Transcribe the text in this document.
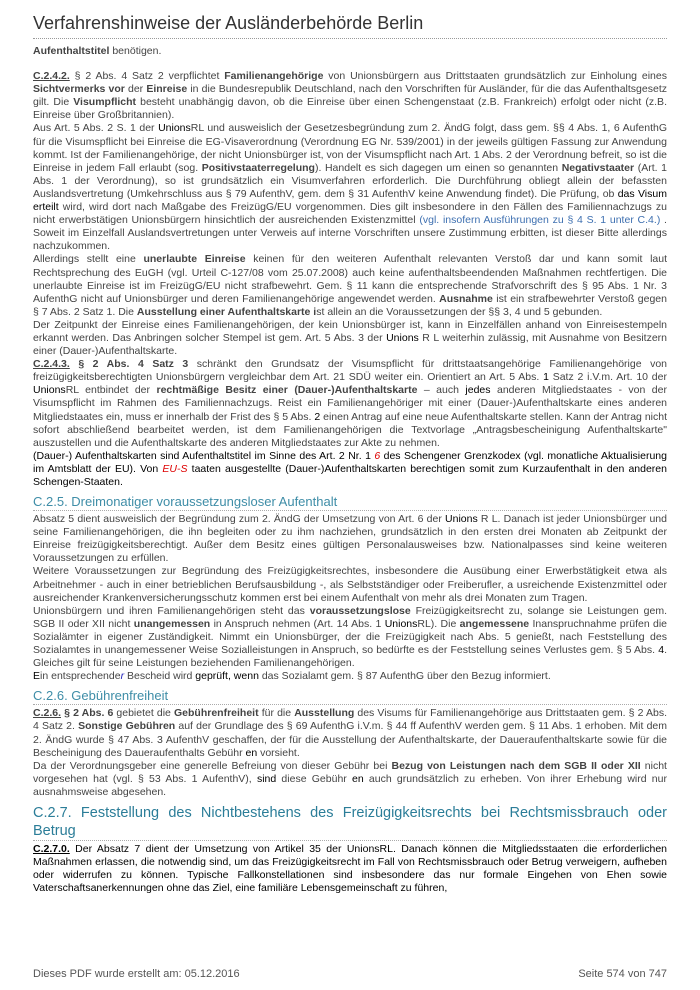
Verfahrenshinweise der Ausländerbehörde Berlin

Aufenthaltstitel benötigen.

C.2.4.2. § 2 Abs. 4 Satz 2 verpflichtet Familienangehörige von Unionsbürgern aus Drittstaaten grundsätzlich zur Einholung eines Sichtvermerks vor der Einreise in die Bundesrepublik Deutschland, nach den Vorschriften für Ausländer, für die das Aufenthaltsgesetz gilt. Die Visumpflicht besteht unabhängig davon, ob die Einreise über einen Schengenstaat (z.B. Frankreich) erfolgt oder nicht (z.B. Einreise über Großbritannien).

Aus Art. 5 Abs. 2 S. 1 der UnionsRL und ausweislich der Gesetzesbegründung zum 2. ÄndG folgt, dass gem. §§ 4 Abs. 1, 6 AufenthG für die Visumspflicht bei Einreise die EG-Visaverordnung (Verordnung EG Nr. 539/2001) in der jeweils gültigen Fassung zur Anwendung kommt. Ist der Familienangehörige, der nicht Unionsbürger ist, von der Visumspflicht nach Art. 1 Abs. 2 der Verordnung befreit, so ist die Einreise in jedem Fall erlaubt (sog. Positivstaaterregelung). Handelt es sich dagegen um einen so genannten Negativstaater (Art. 1 Abs. 1 der Verordnung), so ist grundsätzlich ein Visumverfahren erforderlich. Die Durchführung obliegt allein der befassten Auslandsvertretung (Umkehrschluss aus § 79 AufenthV, gem. dem § 31 AufenthV keine Anwendung findet). Die Prüfung, ob das Visum erteilt wird, wird dort nach Maßgabe des FreizügG/EU vorgenommen. Dies gilt insbesondere in den Fällen des Familiennachzugs zu nicht erwerbstätigen Unionsbürgern hinsichtlich der ausreichenden Existenzmittel (vgl. insofern Ausführungen zu § 4 S. 1 unter C.4.) . Soweit im Einzelfall Auslandsvertretungen unter Verweis auf interne Vorschriften unsere Zustimmung erbitten, ist dieser Bitte allerdings nachzukommen.

Allerdings stellt eine unerlaubte Einreise keinen für den weiteren Aufenthalt relevanten Verstoß dar und kann somit laut Rechtsprechung des EuGH (vgl. Urteil C-127/08 vom 25.07.2008) auch keine aufenthaltsbeendenden Maßnahmen rechtfertigen. Die unerlaubte Einreise ist im FreizügG/EU nicht strafbewehrt. Gem. § 11 kann die entsprechende Strafvorschrift des § 95 Abs. 1 Nr. 3 AufenthG nicht auf Unionsbürger und deren Familienangehörige angewendet werden. Ausnahme ist ein strafbewehrter Verstoß gegen § 7 Abs. 2 Satz 1. Die Ausstellung einer Aufenthaltskarte ist allein an die Voraussetzungen der §§ 3, 4 und 5 gebunden.

Der Zeitpunkt der Einreise eines Familienangehörigen, der kein Unionsbürger ist, kann in Einzelfällen anhand von Einreisestempeln erkannt werden. Das Anbringen solcher Stempel ist gem. Art. 5 Abs. 3 der Unions R L weiterhin zulässig, mit Ausnahme von Besitzern einer (Dauer-)Aufenthaltskarte.

C.2.4.3. § 2 Abs. 4 Satz 3 schränkt den Grundsatz der Visumspflicht für drittstaatsangehörige Familienangehörige von freizügigkeitsberechtigten Unionsbürgern vergleichbar dem Art. 21 SDÜ weiter ein. Orientiert an Art. 5 Abs. 1 Satz 2 i.V.m. Art. 10 der UnionsRL entbindet der rechtmäßige Besitz einer (Dauer-)Aufenthaltskarte – auch jedes anderen Mitgliedstaates - von der Visumspflicht im Rahmen des Familiennachzugs. Reist ein Familienangehöriger mit einer (Dauer-)Aufenthaltskarte eines anderen Mitgliedstaates ein, muss er innerhalb der Frist des § 5 Abs. 2 einen Antrag auf eine neue Aufenthaltskarte stellen. Kann der Antrag nicht sofort abschließend bearbeitet werden, ist dem Familienangehörigen die Textvorlage „Antragsbescheinigung Aufenthaltskarte" auszustellen und die Aufenthaltskarte des anderen Mitgliedstaates zur Akte zu nehmen.

(Dauer-) Aufenthaltskarten sind Aufenthaltstitel im Sinne des Art. 2 Nr. 1 6 des Schengener Grenzkodex (vgl. monatliche Aktualisierung im Amtsblatt der EU). Von EU-S taaten ausgestellte (Dauer-)Aufenthaltskarten berechtigen somit zum Kurzaufenthalt in den anderen Schengen-Staaten.

C.2.5. Dreimonatiger voraussetzungsloser Aufenthalt

Absatz 5 dient ausweislich der Begründung zum 2. ÄndG der Umsetzung von Art. 6 der Unions R L. Danach ist jeder Unionsbürger und seine Familienangehörigen, die ihn begleiten oder zu ihm nachziehen, grundsätzlich in den ersten drei Monaten ab Zeitpunkt der Einreise freizügigkeitsberechtigt. Außer dem Besitz eines gültigen Personalausweises bzw. Nationalpasses sind keine weiteren Voraussetzungen zu erfüllen.

Weitere Voraussetzungen zur Begründung des Freizügigkeitsrechtes, insbesondere die Ausübung einer Erwerbstätigkeit etwa als Arbeitnehmer - auch in einer betrieblichen Berufsausbildung -, als Selbstständiger oder Freiberufler, a usreichende Existenzmittel oder ausreichender Krankenversicherungsschutz kommen erst bei einem Aufenthalt von mehr als drei Monaten zum Tragen.

Unionsbürgern und ihren Familienangehörigen steht das voraussetzungslose Freizügigkeitsrecht zu, solange sie Leistungen gem. SGB II oder XII nicht unangemessen in Anspruch nehmen (Art. 14 Abs. 1 UnionsRL). Die angemessene Inanspruchnahme prüfen die Sozialämter in eigener Zuständigkeit. Nimmt ein Unionsbürger, der die Freizügigkeit nach Abs. 5 genießt, nach Feststellung des Sozialamtes in unangemessener Weise Sozialleistungen in Anspruch, so bedürfte es der Feststellung seines Verlustes gem. § 5 Abs. 4. Gleiches gilt für seine Leistungen beziehenden Familienangehörigen.

Ein entsprechender Bescheid wird geprüft, wenn das Sozialamt gem. § 87 AufenthG über den Bezug informiert.

C.2.6. Gebührenfreiheit

C.2.6. § 2 Abs. 6 gebietet die Gebührenfreiheit für die Ausstellung des Visums für Familienangehörige aus Drittstaaten gem. § 2 Abs. 4 Satz 2. Sonstige Gebühren auf der Grundlage des § 69 AufenthG i.V.m. § 44 ff AufenthV werden gem. § 11 Abs. 1 erhoben. Mit dem 2. ÄndG wurde § 47 Abs. 3 AufenthV geschaffen, der für die Ausstellung der Aufenthaltskarte, der Daueraufenthaltskarte sowie für die Bescheinigung des Daueraufenthalts Gebühr en vorsieht.

Da der Verordnungsgeber eine generelle Befreiung von dieser Gebühr bei Bezug von Leistungen nach dem SGB II oder XII nicht vorgesehen hat (vgl. § 53 Abs. 1 AufenthV), sind diese Gebühr en auch grundsätzlich zu erheben. Von ihrer Erhebung wird nur ausnahmsweise abgesehen.

C.2.7. Feststellung des Nichtbestehens des Freizügigkeitsrechts bei Rechtsmissbrauch oder Betrug

C.2.7.0. Der Absatz 7 dient der Umsetzung von Artikel 35 der UnionsRL. Danach können die Mitgliedsstaaten die erforderlichen Maßnahmen erlassen, die notwendig sind, um das Freizügigkeitsrecht im Fall von Rechtsmissbrauch oder Betrug verweigern, aufheben oder widerrufen zu können. Typische Fallkonstellationen sind insbesondere das nur formale Eingehen von Ehen sowie Vaterschaftsanerkennungen ohne das Ziel, eine familiäre Lebensgemeinschaft zu führen,

Dieses PDF wurde erstellt am: 05.12.2016	Seite 574 von 747
